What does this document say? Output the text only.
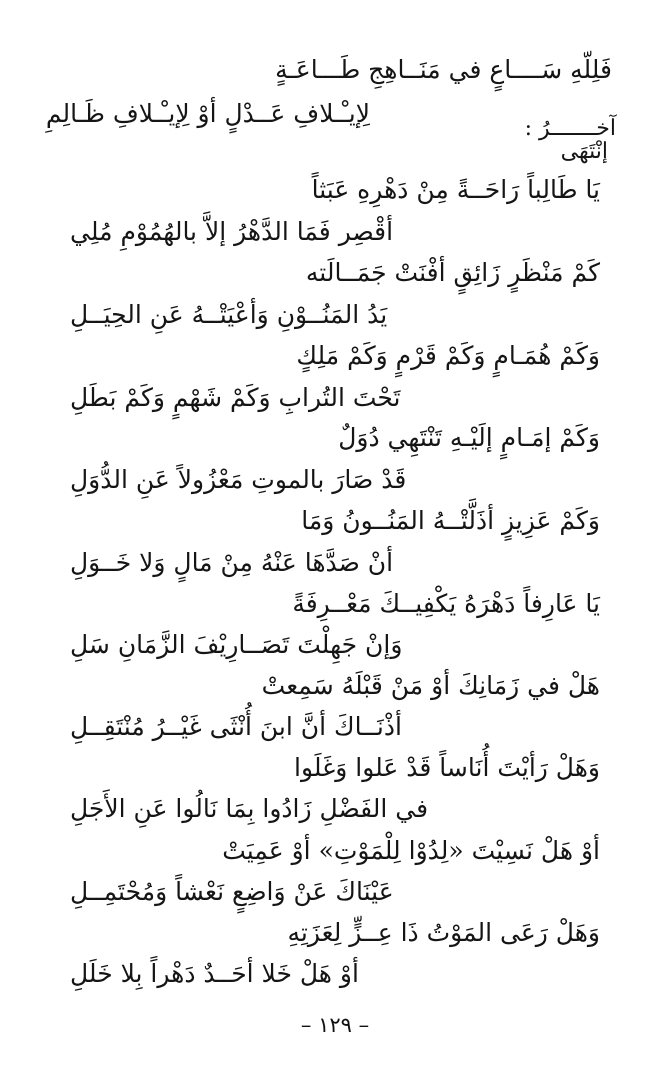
فَلِلّهِ سَــــاعٍ في مَنَــاهِجِ طَـــاعَـةٍ
لِإيـْـلافِ عَــدْلٍ أوْ لِإيـْـلافِ ظَـالِمِ
آخـــــــرُ :
إنْتَهَى
يَا طَالِباً رَاحَــةً مِنْ دَهْرِهِ عَبَثاً
أقْصِر فَمَا الدَّهْرُ إلاَّ بالهُمُوْمِ مُلِي
كَمْ مَنْظَرٍ زَائِقٍ أفْنَتْ جَمَــالَته
يَدُ المَنُــوْنِ وَأعْيَتْــهُ عَنِ الحِيَــلِ
وَكَمْ هُمَـامٍ وَكَمْ قَرْمٍ وَكَمْ مَلِكٍ
تَحْتَ التُرابِ وَكَمْ شَهْمٍ وَكَمْ بَطَلِ
وَكَمْ إمَـامٍ إلَيْـهِ تَنْتَهِي دُوَلٌ
قَدْ صَارَ بالموتِ مَعْزُولاً عَنِ الدُّوَلِ
وَكَمْ عَزِيزٍ أذَلَّتْــهُ المَنُــونُ وَمَا
أنْ صَدَّهَا عَنْهُ مِنْ مَالٍ وَلا خَــوَلِ
يَا عَارِفاً دَهْرَهُ يَكْفِيــكَ مَعْــرِفَةً
وَإنْ جَهِلْتَ تَصَــارِيْفَ الزَّمَانِ سَلِ
هَلْ في زَمَانِكَ أوْ مَنْ قَبْلَهُ سَمِعتْ
أذْنَــاكَ أنَّ ابنَ أُنْثَى غَيْــرُ مُنْتَقِــلِ
وَهَلْ رَأيْتَ أُنَاساً قَدْ عَلوا وَغَلَوا
في الفَضْلِ زَادُوا بِمَا نَالُوا عَنِ الأَجَلِ
أوْ هَلْ نَسِيْتَ «لِدُوْا لِلْمَوْتِ» أوْ عَمِيَتْ
عَيْنَاكَ عَنْ وَاضِعٍ نَعْشاً وَمُحْتَمِــلِ
وَهَلْ رَعَى المَوْتُ ذَا عِــزٍّ لِعَزَتِهِ
أوْ هَلْ خَلا أحَــدٌ دَهْراً بِلا خَلَلِ
– ١٢٩ –
